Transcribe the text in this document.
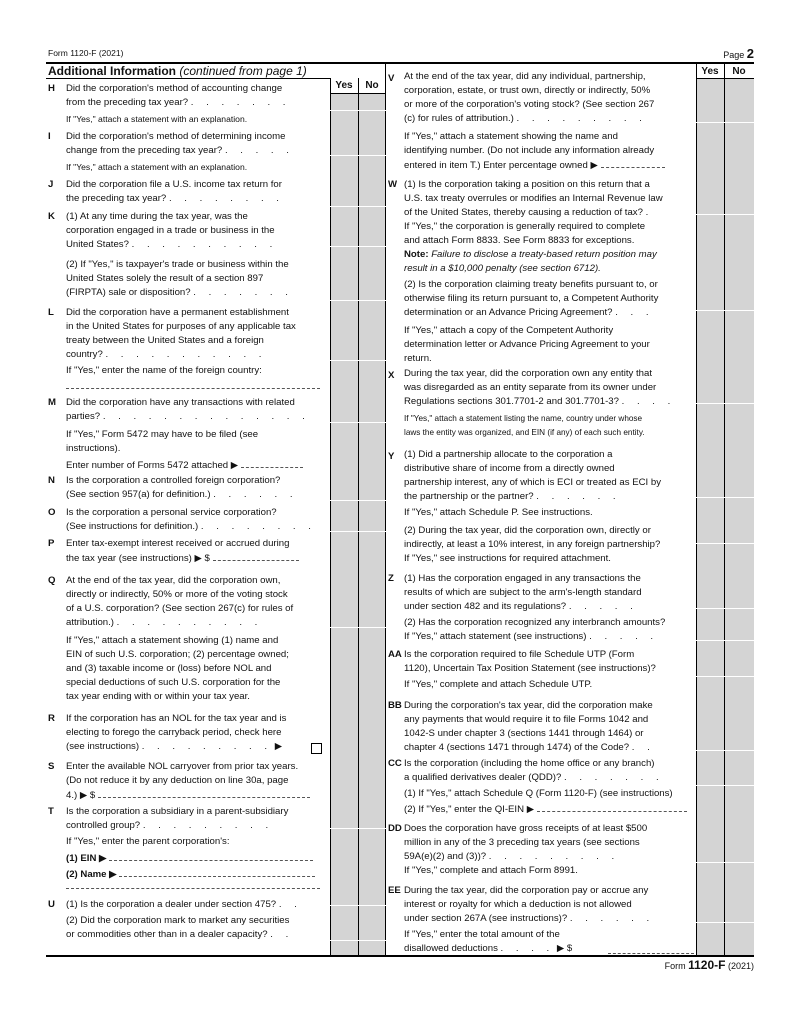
Form 1120-F (2021)	Page 2
Additional Information (continued from page 1)
Yes	No
Yes	No
H Did the corporation's method of accounting change
from the preceding tax year? . . . . . . .
If "Yes," attach a statement with an explanation.
I Did the corporation's method of determining income
change from the preceding tax year? . . . . .
If "Yes," attach a statement with an explanation.
J Did the corporation file a U.S. income tax return for
the preceding tax year? . . . . . . . .
K (1) At any time during the tax year, was the
corporation engaged in a trade or business in the
United States? . . . . . . . . . .
(2) If "Yes," is taxpayer's trade or business within the
United States solely the result of a section 897
(FIRPTA) sale or disposition? . . . . . . .
L Did the corporation have a permanent establishment
in the United States for purposes of any applicable tax
treaty between the United States and a foreign
country? . . . . . . . . . . .
If "Yes," enter the name of the foreign country:
M Did the corporation have any transactions with related
parties? . . . . . . . . . . . . . .
If "Yes," Form 5472 may have to be filed (see
instructions).
Enter number of Forms 5472 attached ▶
N Is the corporation a controlled foreign corporation?
(See section 957(a) for definition.) . . . . . .
O Is the corporation a personal service corporation?
(See instructions for definition.) . . . . . . . .
P Enter tax-exempt interest received or accrued during
the tax year (see instructions) ▶ $
Q At the end of the tax year, did the corporation own,
directly or indirectly, 50% or more of the voting stock
of a U.S. corporation? (See section 267(c) for rules of
attribution.) . . . . . . . . . .
If "Yes," attach a statement showing (1) name and
EIN of such U.S. corporation; (2) percentage owned;
and (3) taxable income or (loss) before NOL and
special deductions of such U.S. corporation for the
tax year ending with or within your tax year.
R If the corporation has an NOL for the tax year and is
electing to forego the carryback period, check here
(see instructions) . . . . . . . . . ▶
S Enter the available NOL carryover from prior tax years.
(Do not reduce it by any deduction on line 30a, page
4.) ▶ $
T Is the corporation a subsidiary in a parent-subsidiary
controlled group? . . . . . . . . .
If "Yes," enter the parent corporation's:
(1) EIN ▶
(2) Name ▶
U (1) Is the corporation a dealer under section 475? . .
(2) Did the corporation mark to market any securities
or commodities other than in a dealer capacity? . .
V At the end of the tax year, did any individual, partnership,
corporation, estate, or trust own, directly or indirectly, 50%
or more of the corporation's voting stock? (See section 267
(c) for rules of attribution.) . . . . . . . . .
If "Yes," attach a statement showing the name and
identifying number. (Do not include any information already
entered in item T.) Enter percentage owned ▶
W (1) Is the corporation taking a position on this return that a
U.S. tax treaty overrules or modifies an Internal Revenue law
of the United States, thereby causing a reduction of tax? .
If "Yes," the corporation is generally required to complete
and attach Form 8833. See Form 8833 for exceptions.
Note: Failure to disclose a treaty-based return position may
result in a $10,000 penalty (see section 6712).
(2) Is the corporation claiming treaty benefits pursuant to, or
otherwise filing its return pursuant to, a Competent Authority
determination or an Advance Pricing Agreement? . . .
If "Yes," attach a copy of the Competent Authority
determination letter or Advance Pricing Agreement to your
return.
X During the tax year, did the corporation own any entity that
was disregarded as an entity separate from its owner under
Regulations sections 301.7701-2 and 301.7701-3? . . . .
If "Yes," attach a statement listing the name, country under whose
laws the entity was organized, and EIN (if any) of each such entity.
Y (1) Did a partnership allocate to the corporation a
distributive share of income from a directly owned
partnership interest, any of which is ECI or treated as ECI by
the partnership or the partner? . . . . . .
If "Yes," attach Schedule P. See instructions.
(2) During the tax year, did the corporation own, directly or
indirectly, at least a 10% interest, in any foreign partnership?
If "Yes," see instructions for required attachment.
Z (1) Has the corporation engaged in any transactions the
results of which are subject to the arm's-length standard
under section 482 and its regulations? . . . . .
(2) Has the corporation recognized any interbranch amounts?
If "Yes," attach statement (see instructions) . . . . .
AA Is the corporation required to file Schedule UTP (Form
1120), Uncertain Tax Position Statement (see instructions)?
If "Yes," complete and attach Schedule UTP.
BB During the corporation's tax year, did the corporation make
any payments that would require it to file Forms 1042 and
1042-S under chapter 3 (sections 1441 through 1464) or
chapter 4 (sections 1471 through 1474) of the Code? . .
CC Is the corporation (including the home office or any branch)
a qualified derivatives dealer (QDD)? . . . . . . .
(1) If "Yes," attach Schedule Q (Form 1120-F) (see instructions)
(2) If "Yes," enter the QI-EIN ▶
DD Does the corporation have gross receipts of at least $500
million in any of the 3 preceding tax years (see sections
59A(e)(2) and (3))? . . . . . . . . .
If "Yes," complete and attach Form 8991.
EE During the tax year, did the corporation pay or accrue any
interest or royalty for which a deduction is not allowed
under section 267A (see instructions)? . . . . . .
If "Yes," enter the total amount of the
disallowed deductions . . . . ▶ $
Form 1120-F (2021)
